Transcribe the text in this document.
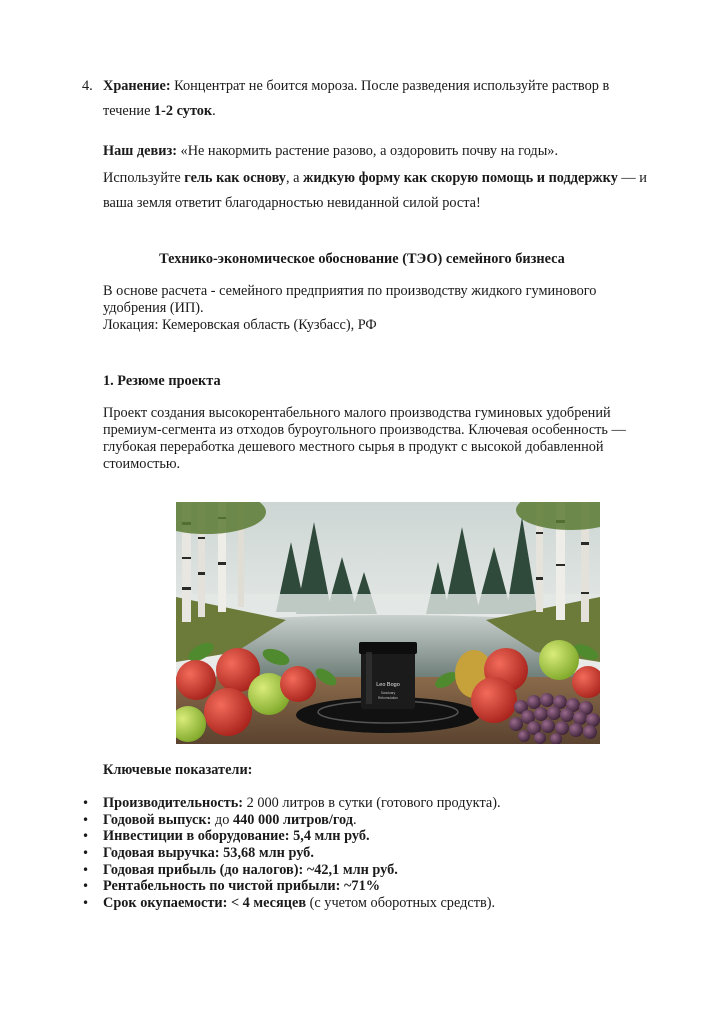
4. Хранение: Концентрат не боится мороза. После разведения используйте раствор в
течение 1-2 суток.
Наш девиз: «Не накормить растение разово, а оздоровить почву на годы».
Используйте гель как основу, а жидкую форму как скорую помощь и поддержку — и
ваша земля ответит благодарностью невиданной силой роста!
Технико-экономическое обоснование (ТЭО) семейного бизнеса
В основе расчета - семейного предприятия по производству жидкого гуминового
удобрения (ИП).
Локация: Кемеровская область (Кузбасс), РФ
1. Резюме проекта
Проект создания высокорентабельного малого производства гуминовых удобрений
премиум-сегмента из отходов буроугольного производства. Ключевая особенность —
глубокая переработка дешевого местного сырья в продукт с высокой добавленной
стоимостью.
Leo Bogo
Sanctuary
Reformulation
Ключевые показатели:
• Производительность: 2 000 литров в сутки (готового продукта).
• Годовой выпуск: до 440 000 литров/год.
• Инвестиции в оборудование: 5,4 млн руб.
• Годовая выручка: 53,68 млн руб.
• Годовая прибыль (до налогов): ~42,1 млн руб.
• Рентабельность по чистой прибыли: ~71%
• Срок окупаемости: < 4 месяцев (с учетом оборотных средств).
